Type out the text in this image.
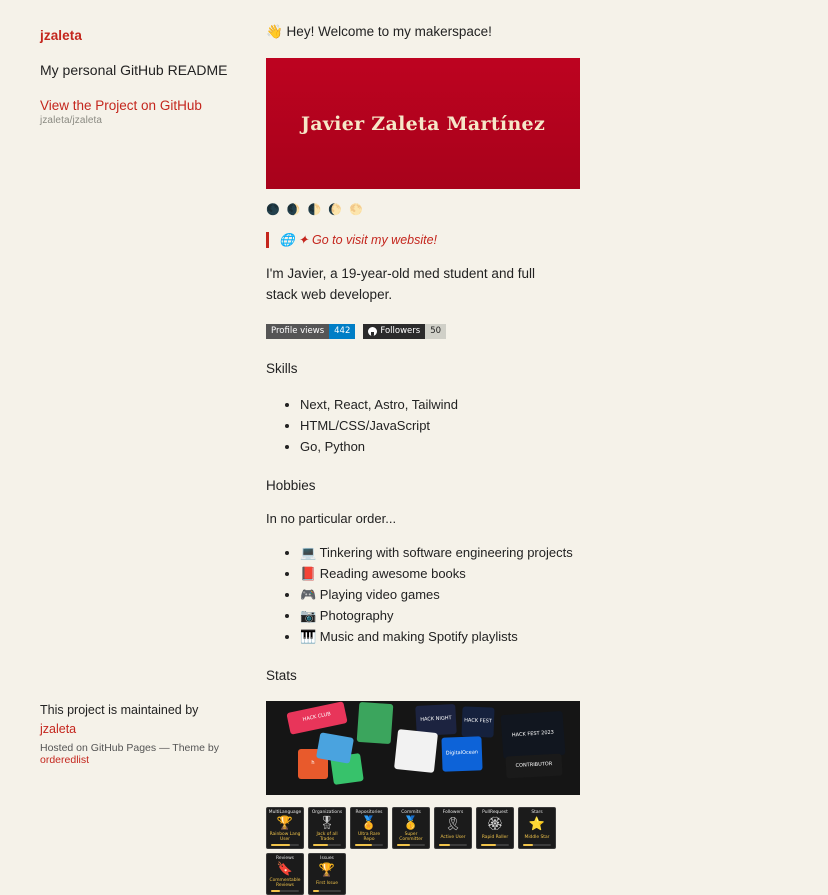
jzaleta
My personal GitHub README
View the Project on GitHub
jzaleta/jzaleta
This project is maintained by
jzaleta
Hosted on GitHub Pages — Theme by orderedlist

👋 Hey! Welcome to my makerspace!

Javier Zaleta Martínez
🌑 🌒 🌓 🌔 🌕
🌐 ✦ Go to visit my website!

I'm Javier, a 19-year-old med student and full stack web developer.

Profile views	442	Followers	50
Skills
• Next, React, Astro, Tailwind
• HTML/CSS/JavaScript
• Go, Python
Hobbies

In no particular order...

• 💻 Tinkering with software engineering projects
• 📕 Reading awesome books
• 🎮 Playing video games
• 📷 Photography
• 🎹 Music and making Spotify playlists
Stats
HACK CLUB	HACK NIGHT	HACK FEST
HACK FEST 2023
DigitalOcean
h	CONTRIBUTOR
MultiLanguage
🏆
Rainbow Lang User
Organizations
🎖
Jack of all Trades
Repositories
🏅
Ultra Rare Repo
Commits
🥇
Super Committer
Followers
🎗
Active User
PullRequest
🏵
Rapid Roller
Stars
⭐
Middle Star
Reviews
🔖
Commentable Reviews
Issues
🏆
First Issue
